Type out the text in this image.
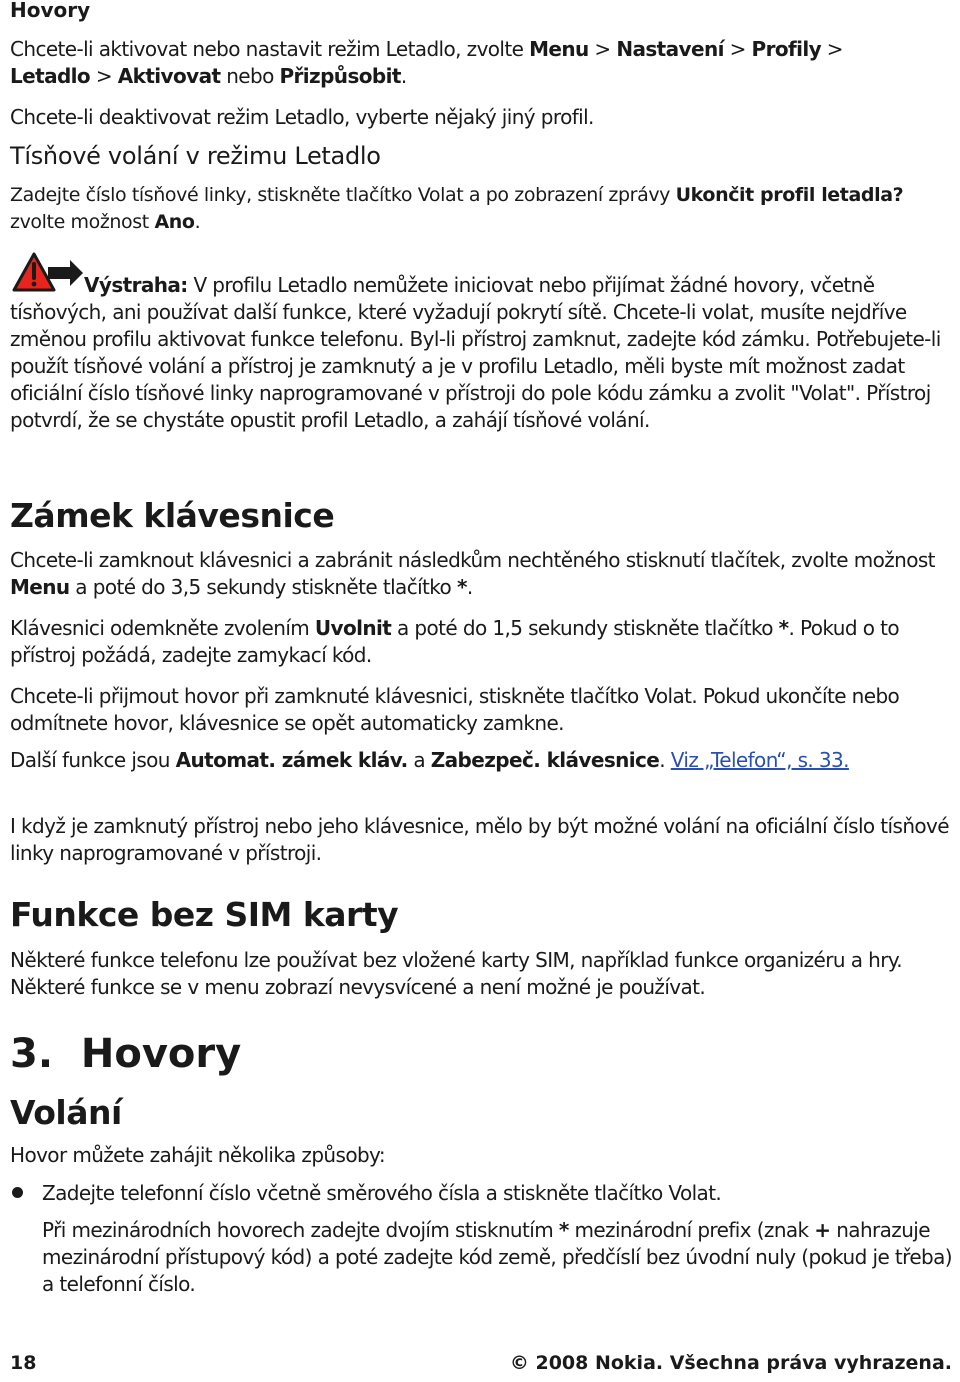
Hovory

Chcete-li aktivovat nebo nastavit režim Letadlo, zvolte Menu > Nastavení > Profily >
Letadlo > Aktivovat nebo Přizpůsobit.

Chcete-li deaktivovat režim Letadlo, vyberte nějaký jiný profil.

Tísňové volání v režimu Letadlo

Zadejte číslo tísňové linky, stiskněte tlačítko Volat a po zobrazení zprávy Ukončit profil letadla? zvolte možnost Ano.

Výstraha: V profilu Letadlo nemůžete iniciovat nebo přijímat žádné hovory, včetně tísňových, ani používat další funkce, které vyžadují pokrytí sítě. Chcete-li volat, musíte nejdříve změnou profilu aktivovat funkce telefonu. Byl-li přístroj zamknut, zadejte kód zámku. Potřebujete-li použít tísňové volání a přístroj je zamknutý a je v profilu Letadlo, měli byste mít možnost zadat oficiální číslo tísňové linky naprogramované v přístroji do pole kódu zámku a zvolit "Volat". Přístroj potvrdí, že se chystáte opustit profil Letadlo, a zahájí tísňové volání.

Zámek klávesnice

Chcete-li zamknout klávesnici a zabránit následkům nechtěného stisknutí tlačítek, zvolte možnost Menu a poté do 3,5 sekundy stiskněte tlačítko *.

Klávesnici odemkněte zvolením Uvolnit a poté do 1,5 sekundy stiskněte tlačítko *. Pokud o to přístroj požádá, zadejte zamykací kód.

Chcete-li přijmout hovor při zamknuté klávesnici, stiskněte tlačítko Volat. Pokud ukončíte nebo odmítnete hovor, klávesnice se opět automaticky zamkne.

Další funkce jsou Automat. zámek kláv. a Zabezpeč. klávesnice. Viz „Telefon“, s. 33.

I když je zamknutý přístroj nebo jeho klávesnice, mělo by být možné volání na oficiální číslo tísňové linky naprogramované v přístroji.

Funkce bez SIM karty

Některé funkce telefonu lze používat bez vložené karty SIM, například funkce organizéru a hry. Některé funkce se v menu zobrazí nevysvícené a není možné je používat.

3. Hovory
Volání

Hovor můžete zahájit několika způsoby:

Zadejte telefonní číslo včetně směrového čísla a stiskněte tlačítko Volat.

Při mezinárodních hovorech zadejte dvojím stisknutím * mezinárodní prefix (znak + nahrazuje mezinárodní přístupový kód) a poté zadejte kód země, předčíslí bez úvodní nuly (pokud je třeba) a telefonní číslo.

18	© 2008 Nokia. Všechna práva vyhrazena.
